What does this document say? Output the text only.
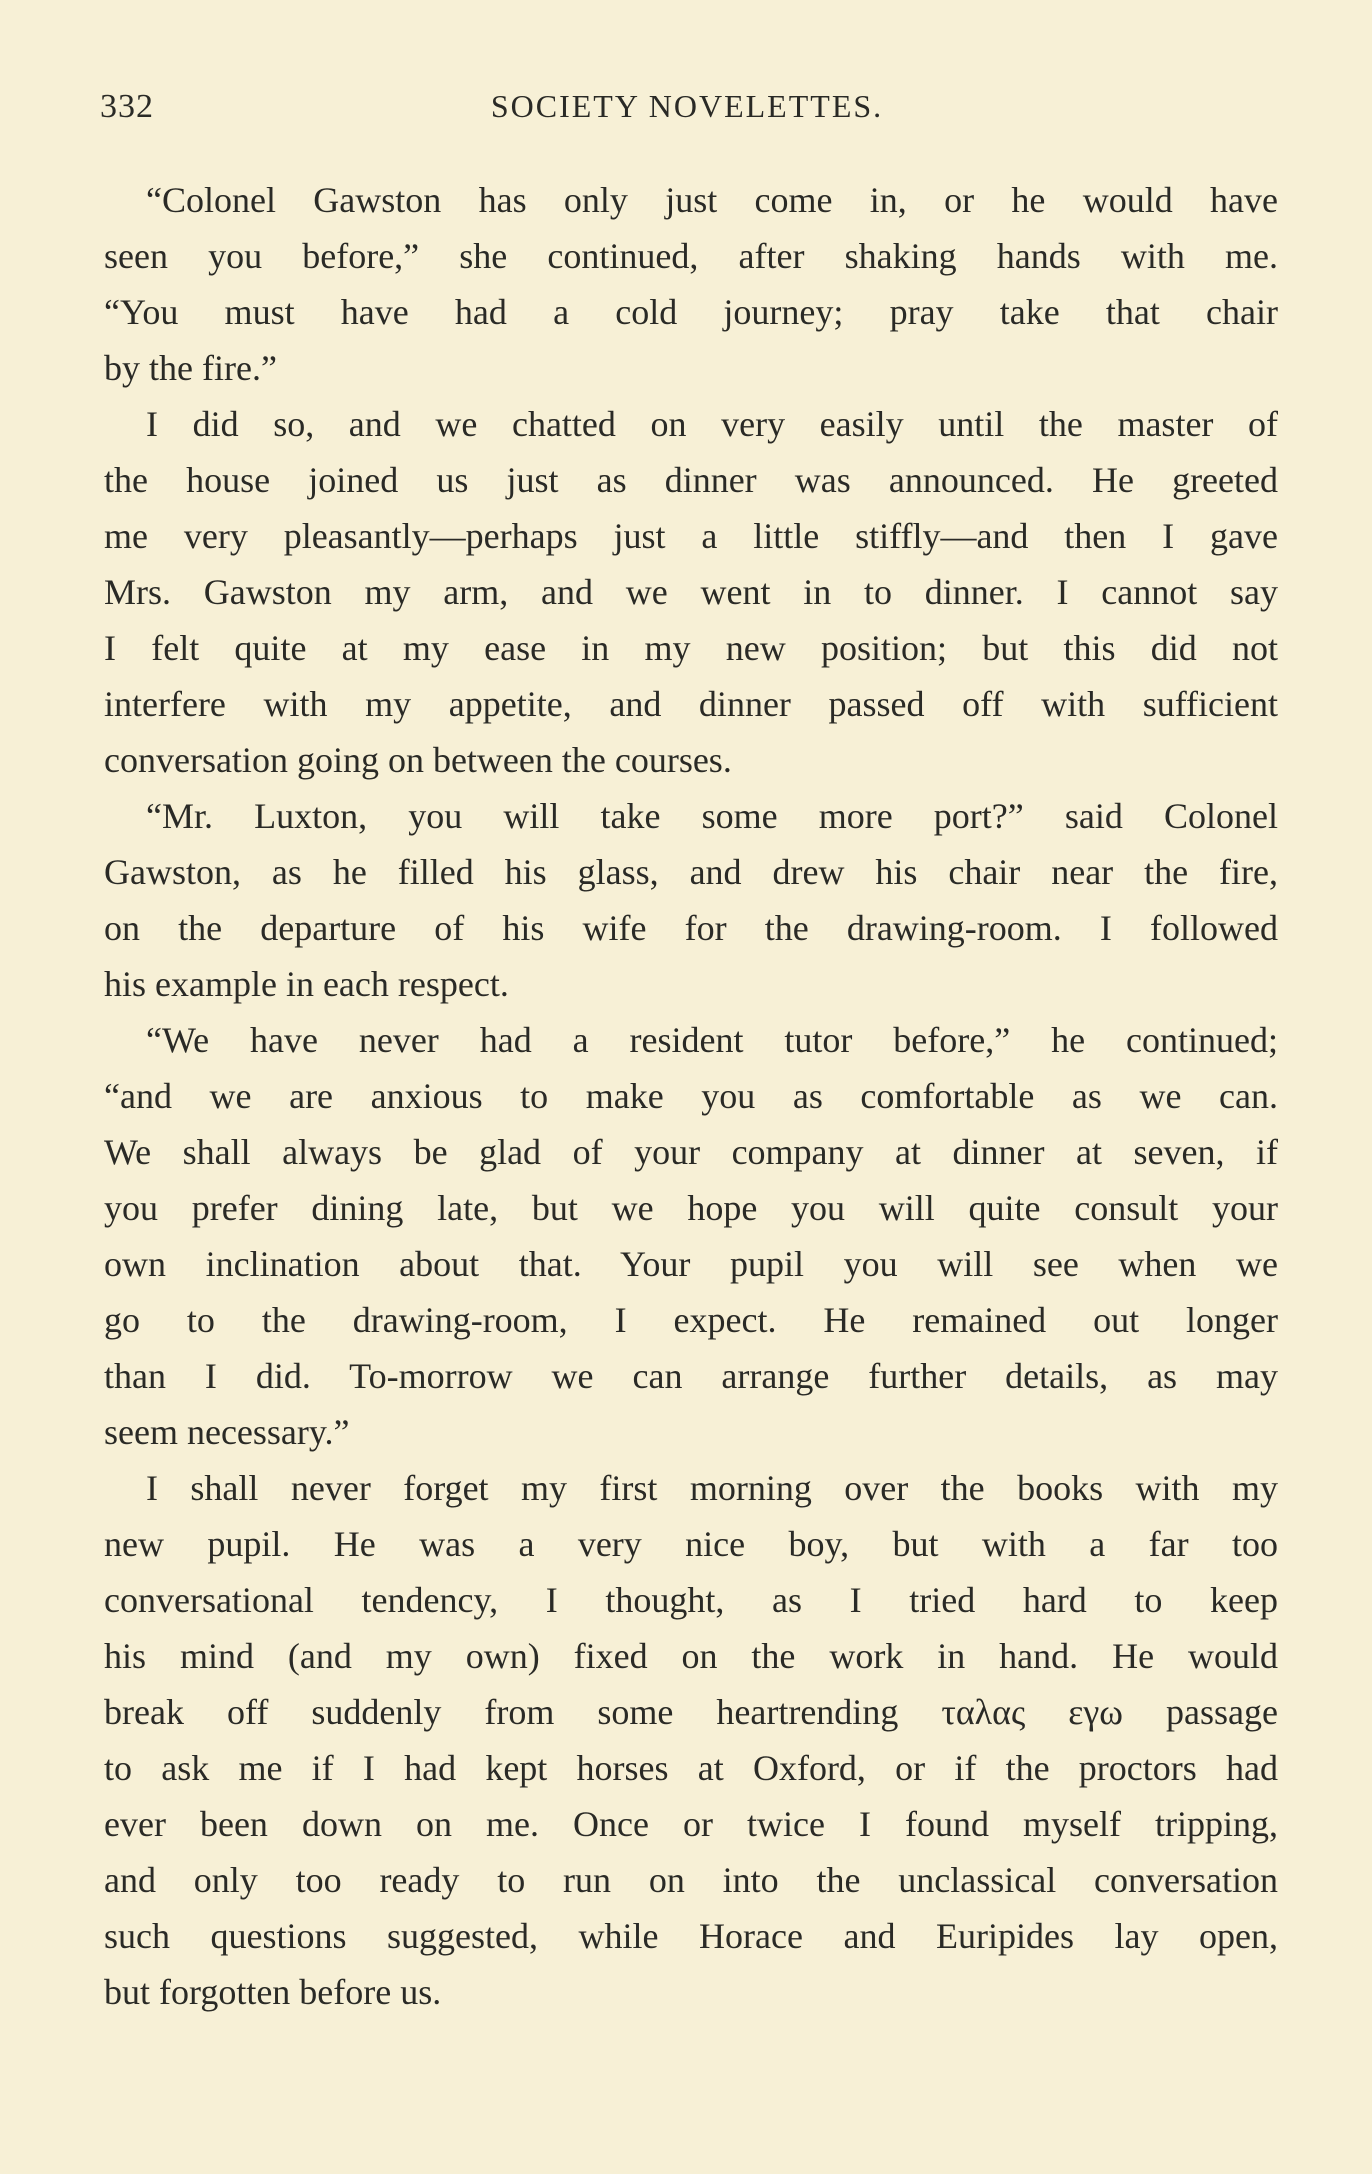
332	SOCIETY NOVELETTES.
“Colonel Gawston has only just come in, or he would have
seen you before,” she continued, after shaking hands with me.
“You must have had a cold journey; pray take that chair
by the fire.”
I did so, and we chatted on very easily until the master of
the house joined us just as dinner was announced. He greeted
me very pleasantly—perhaps just a little stiffly—and then I gave
Mrs. Gawston my arm, and we went in to dinner. I cannot say
I felt quite at my ease in my new position; but this did not
interfere with my appetite, and dinner passed off with sufficient
conversation going on between the courses.
“Mr. Luxton, you will take some more port?” said Colonel
Gawston, as he filled his glass, and drew his chair near the fire,
on the departure of his wife for the drawing-room. I followed
his example in each respect.
“We have never had a resident tutor before,” he continued;
“and we are anxious to make you as comfortable as we can.
We shall always be glad of your company at dinner at seven, if
you prefer dining late, but we hope you will quite consult your
own inclination about that. Your pupil you will see when we
go to the drawing-room, I expect. He remained out longer
than I did. To-morrow we can arrange further details, as may
seem necessary.”
I shall never forget my first morning over the books with my
new pupil. He was a very nice boy, but with a far too
conversational tendency, I thought, as I tried hard to keep
his mind (and my own) fixed on the work in hand. He would
break off suddenly from some heartrending ταλας εγω passage
to ask me if I had kept horses at Oxford, or if the proctors had
ever been down on me. Once or twice I found myself tripping,
and only too ready to run on into the unclassical conversation
such questions suggested, while Horace and Euripides lay open,
but forgotten before us.
